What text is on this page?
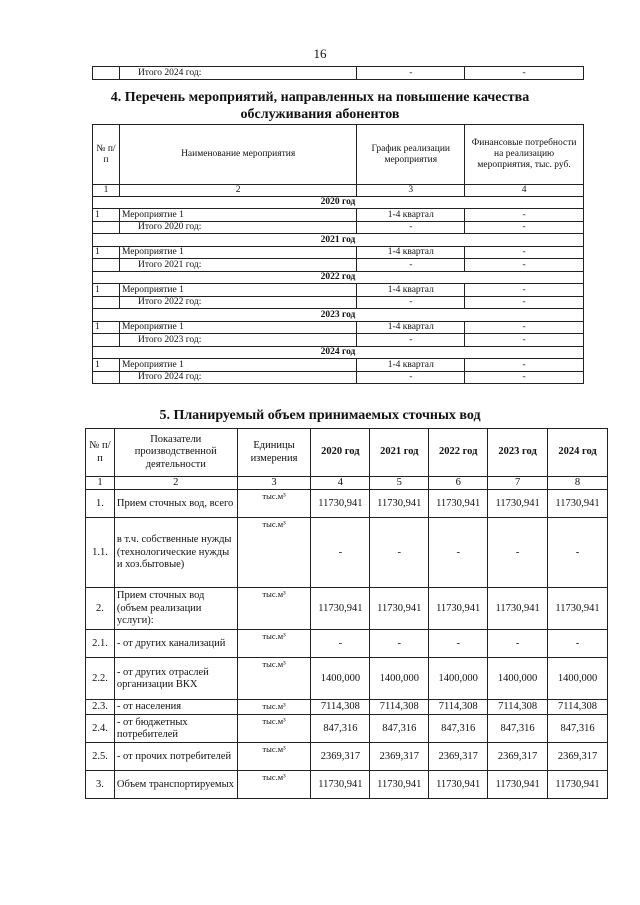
16
	Итого 2024 год:	-	-
4. Перечень мероприятий, направленных на повышение качества
обслуживания абонентов
№ п/п	Наименование мероприятия	График реализации мероприятия	Финансовые потребности на реализацию мероприятия, тыс. руб.
1	2	3	4
2020 год			
1	Мероприятие 1	1-4 квартал	-
	Итого 2020 год:	-	-
2021 год			
1	Мероприятие 1	1-4 квартал	-
	Итого 2021 год:	-	-
2022 год			
1	Мероприятие 1	1-4 квартал	-
	Итого 2022 год:	-	-
2023 год			
1	Мероприятие 1	1-4 квартал	-
	Итого 2023 год:	-	-
2024 год			
1	Мероприятие 1	1-4 квартал	-
	Итого 2024 год:	-	-
5. Планируемый объем принимаемых сточных вод
№ п/п	Показатели производственной деятельности	Единицы измерения	2020 год	2021 год	2022 год	2023 год	2024 год
1	2	3	4	5	6	7	8
1.	Прием сточных вод, всего	тыс.м³	11730,941	11730,941	11730,941	11730,941	11730,941
1.1.	в т.ч. собственные нужды (технологические нужды и хоз.бытовые)	тыс.м³	-	-	-	-	-
2.	Прием сточных вод (объем реализации услуги):	тыс.м³	11730,941	11730,941	11730,941	11730,941	11730,941
2.1.	- от других канализаций	тыс.м³	-	-	-	-	-
2.2.	- от других отраслей организации ВКХ	тыс.м³	1400,000	1400,000	1400,000	1400,000	1400,000
2.3.	- от населения	тыс.м³	7114,308	7114,308	7114,308	7114,308	7114,308
2.4.	- от бюджетных потребителей	тыс.м³	847,316	847,316	847,316	847,316	847,316
2.5.	- от прочих потребителей	тыс.м³	2369,317	2369,317	2369,317	2369,317	2369,317
3.	Объем транспортируемых	тыс.м³	11730,941	11730,941	11730,941	11730,941	11730,941
